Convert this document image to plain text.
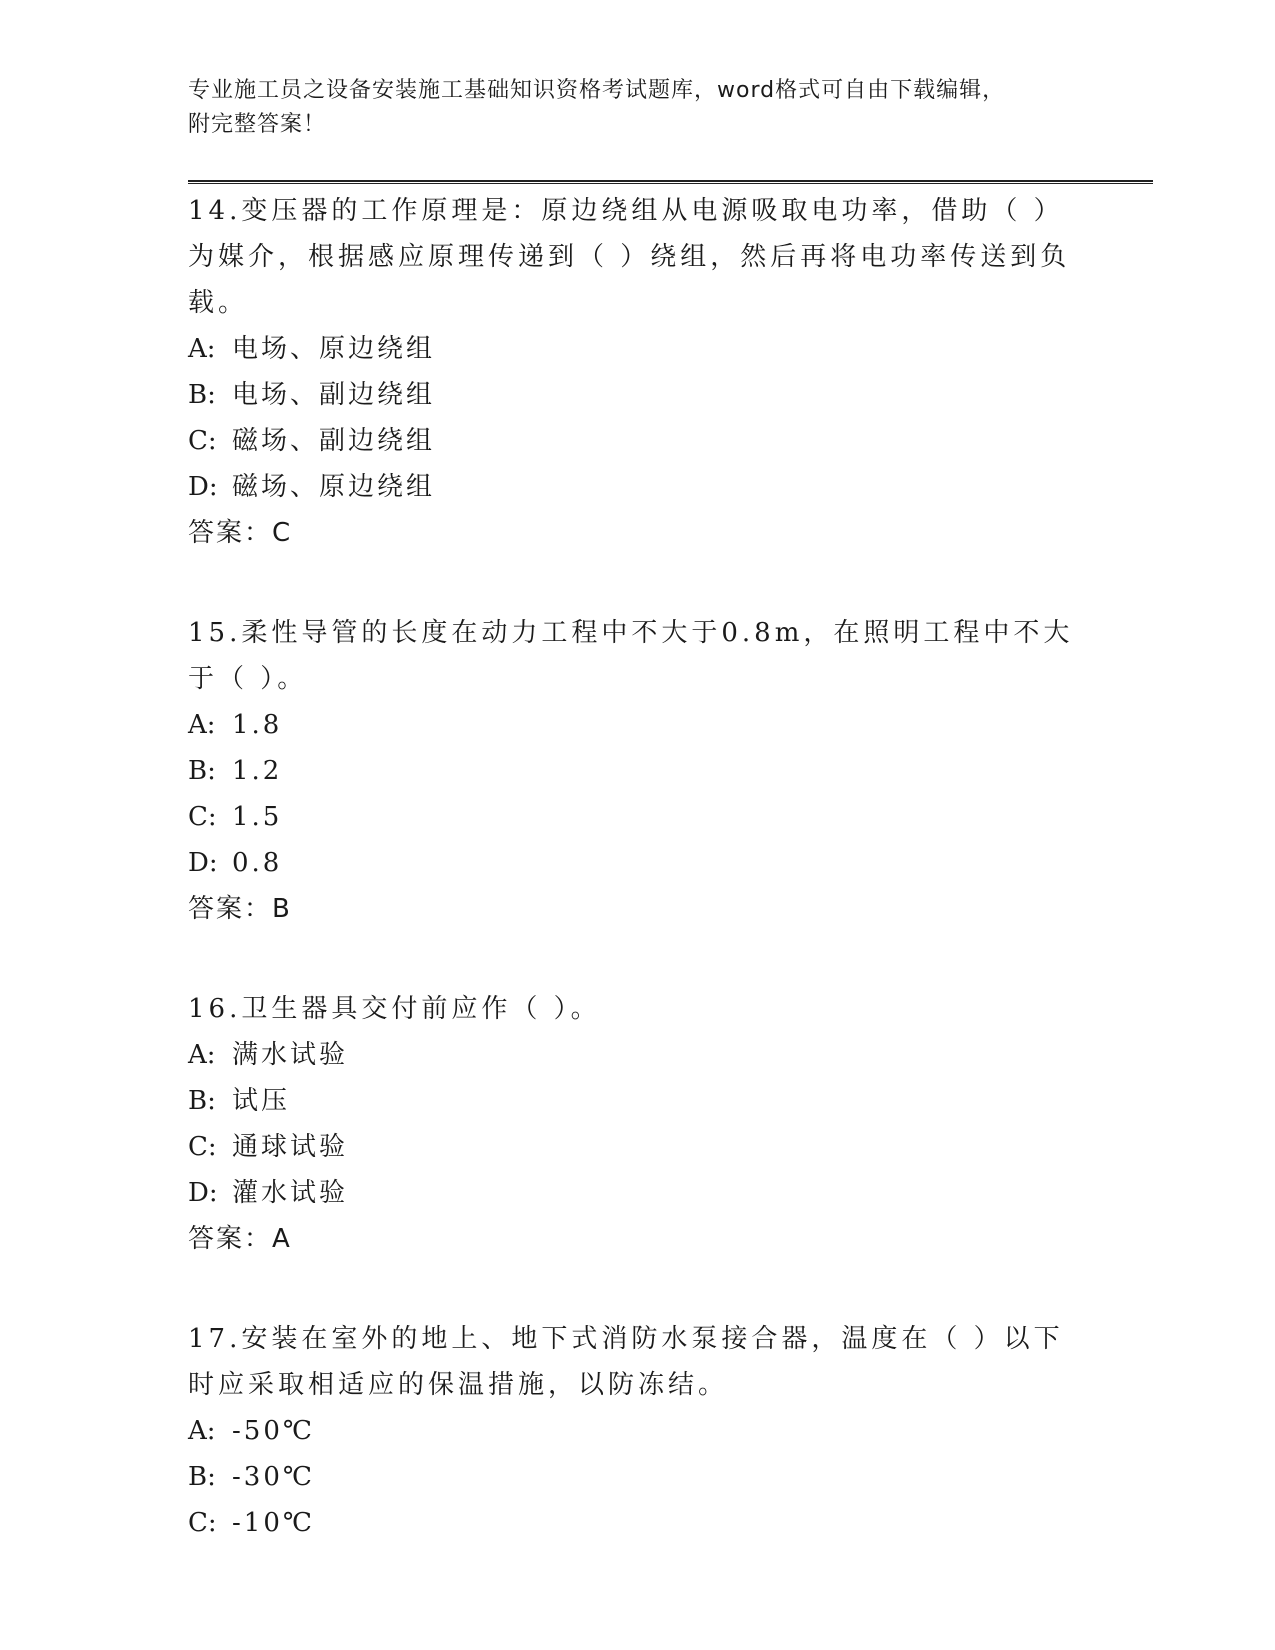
专业施工员之设备安装施工基础知识资格考试题库，word格式可自由下载编辑，
附完整答案！
14.变压器的工作原理是：原边绕组从电源吸取电功率，借助（ ）为媒介，根据感应原理传递到（ ）绕组，然后再将电功率传送到负载。
A: 电场、原边绕组
B: 电场、副边绕组
C: 磁场、副边绕组
D: 磁场、原边绕组
答案：C
15.柔性导管的长度在动力工程中不大于0.8m，在照明工程中不大于（ ）。
A: 1.8
B: 1.2
C: 1.5
D: 0.8
答案：B
16.卫生器具交付前应作（ ）。
A: 满水试验
B: 试压
C: 通球试验
D: 灌水试验
答案：A
17.安装在室外的地上、地下式消防水泵接合器，温度在（ ）以下时应采取相适应的保温措施，以防冻结。
A: -50℃
B: -30℃
C: -10℃
